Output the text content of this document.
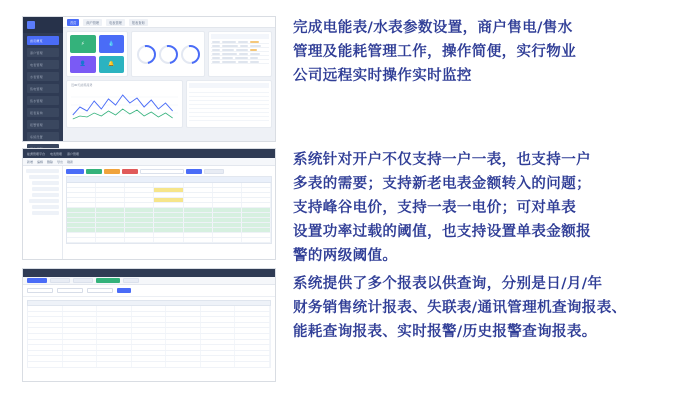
首页概览
商户管理
电表管理
水表管理
售电管理
售水管理
报表查询
报警管理
系统设置
首页	商户管理	电表管理	报表查询
⚡	💧
👤	🔔
近30天能耗趋势
能源管理平台 电表管理 商户管理
新增 编辑 删除 导出 刷新

完成电能表/水表参数设置，商户售电/售水

管理及能耗管理工作，操作简便，实行物业

公司远程实时操作实时监控

系统针对开户不仅支持一户一表，也支持一户

多表的需要；支持新老电表金额转入的问题；

支持峰谷电价，支持一表一电价；可对单表

设置功率过载的阈值，也支持设置单表金额报

警的两级阈值。

系统提供了多个报表以供查询，分别是日/月/年

财务销售统计报表、失联表/通讯管理机查询报表、

能耗查询报表、实时报警/历史报警查询报表。
